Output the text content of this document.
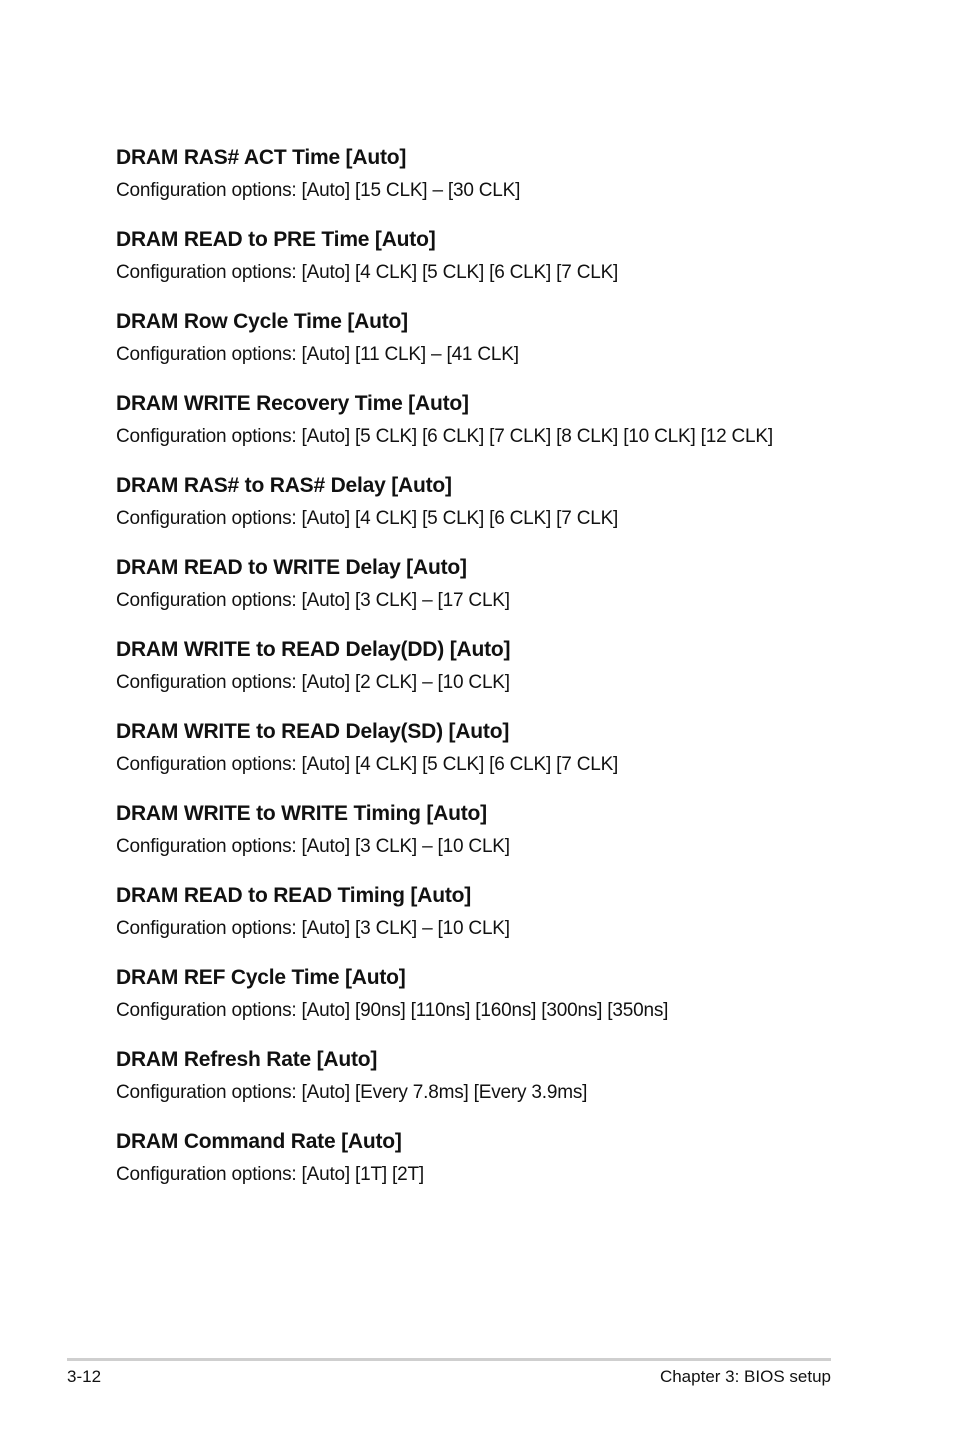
DRAM RAS# ACT Time [Auto]
Configuration options: [Auto] [15 CLK] – [30 CLK]
DRAM READ to PRE Time [Auto]
Configuration options: [Auto] [4 CLK] [5 CLK] [6 CLK] [7 CLK]
DRAM Row Cycle Time [Auto]
Configuration options: [Auto] [11 CLK] – [41 CLK]
DRAM WRITE Recovery Time [Auto]
Configuration options: [Auto] [5 CLK] [6 CLK] [7 CLK] [8 CLK] [10 CLK] [12 CLK]
DRAM RAS# to RAS# Delay [Auto]
Configuration options: [Auto] [4 CLK] [5 CLK] [6 CLK] [7 CLK]
DRAM READ to WRITE Delay [Auto]
Configuration options: [Auto] [3 CLK] – [17 CLK]
DRAM WRITE to READ Delay(DD) [Auto]
Configuration options: [Auto] [2 CLK] – [10 CLK]
DRAM WRITE to READ Delay(SD) [Auto]
Configuration options: [Auto] [4 CLK] [5 CLK] [6 CLK] [7 CLK]
DRAM WRITE to WRITE Timing [Auto]
Configuration options: [Auto] [3 CLK] – [10 CLK]
DRAM READ to READ Timing [Auto]
Configuration options: [Auto] [3 CLK] – [10 CLK]
DRAM REF Cycle Time [Auto]
Configuration options: [Auto] [90ns] [110ns] [160ns] [300ns] [350ns]
DRAM Refresh Rate [Auto]
Configuration options: [Auto] [Every 7.8ms] [Every 3.9ms]
DRAM Command Rate [Auto]
Configuration options: [Auto] [1T] [2T]
3-12	Chapter 3: BIOS setup
